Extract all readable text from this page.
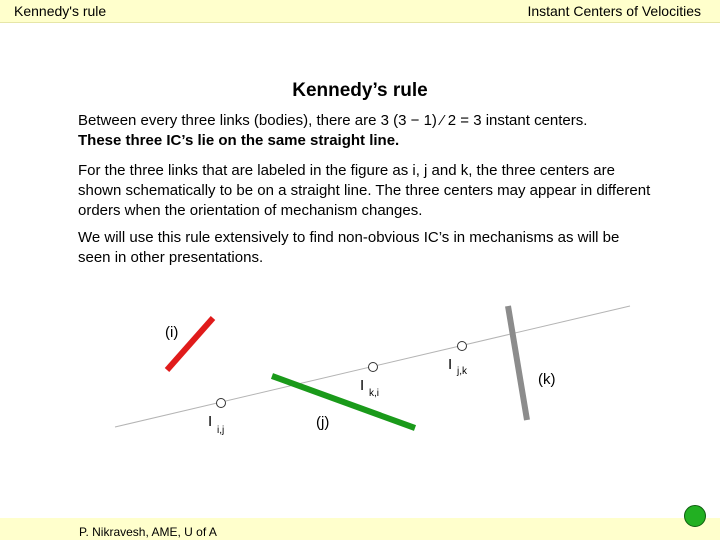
Kennedy's rule	Instant Centers of Velocities
Kennedy’s rule
Between every three links (bodies), there are 3 (3 − 1) ⁄ 2 = 3 instant centers.
These three IC’s lie on the same straight line.
For the three links that are labeled in the figure as i, j and k, the three centers are shown schematically to be on a straight line. The three centers may appear in different orders when the orientation of mechanism changes.
We will use this rule extensively to find non-obvious IC’s in mechanisms as will be seen in other presentations.
(i)
(j)
(k)
I
i,j
I k,i
I j,k
P. Nikravesh, AME, U of A
